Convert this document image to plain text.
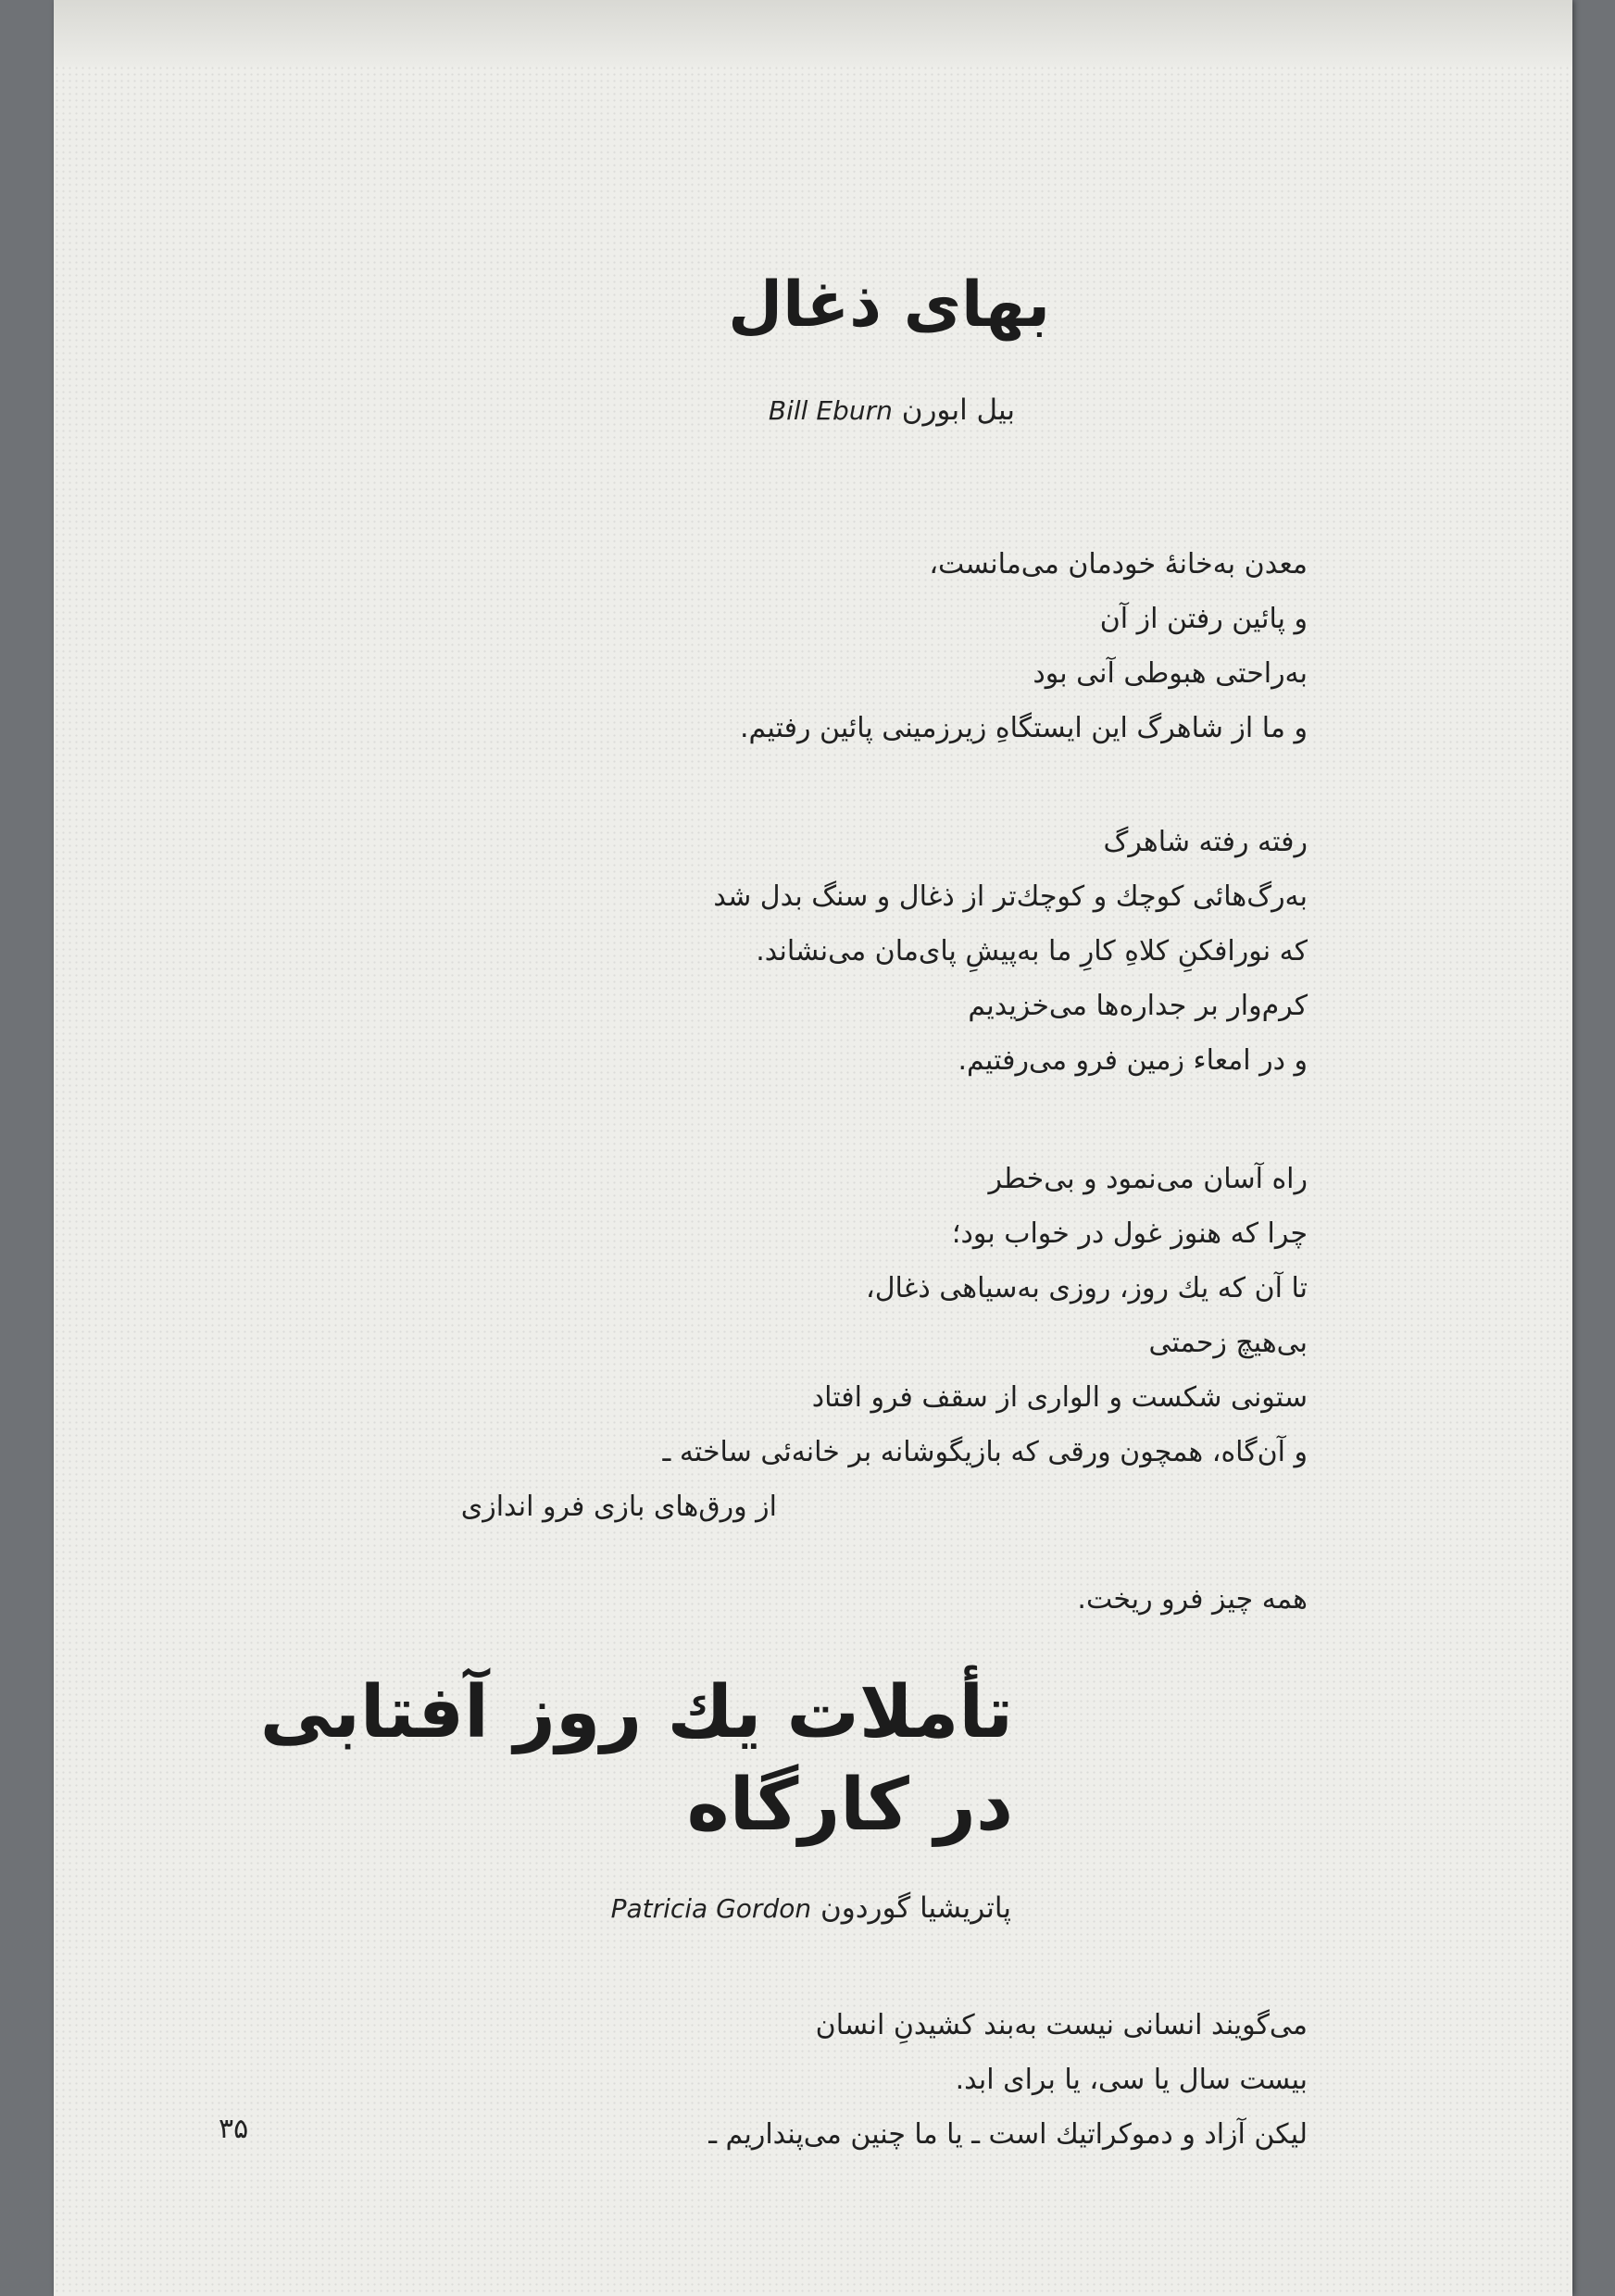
بهای ذغال
Bill Eburn بیل ابورن
معدن به‌خانهٔ خودمان می‌مانست،
و پائین رفتن از آن
به‌راحتی هبوطی آنی بود
و ما از شاهرگ این ایستگاهِ زیرزمینی پائین رفتیم.
رفته رفته شاهرگ
به‌رگ‌هائی کوچك و کوچك‌تر از ذغال و سنگ بدل شد
که نورافکنِ کلاهِ کارِ ما به‌پیشِ پای‌مان می‌نشاند.
کرم‌وار بر جداره‌ها می‌خزیدیم
و در امعاء زمین فرو می‌رفتیم.
راه آسان می‌نمود و بی‌خطر
چرا که هنوز غول در خواب بود؛
تا آن که یك روز، روزی به‌سیاهی ذغال،
بی‌هیچ زحمتی
ستونی شکست و الواری از سقف فرو افتاد
و آن‌گاه، همچون ورقی که بازیگوشانه بر خانه‌ئی ساخته ـ
از ورق‌های بازی فرو اندازی
همه چیز فرو ریخت.
تأملات یك روز آفتابی
در کارگاه
Patricia Gordon پاتریشیا گوردون
می‌گویند انسانی نیست به‌بند کشیدنِ انسان
بیست سال یا سی، یا برای ابد.
لیکن آزاد و دموکراتیك است ـ یا ما چنین می‌پنداریم ـ
۳۵
